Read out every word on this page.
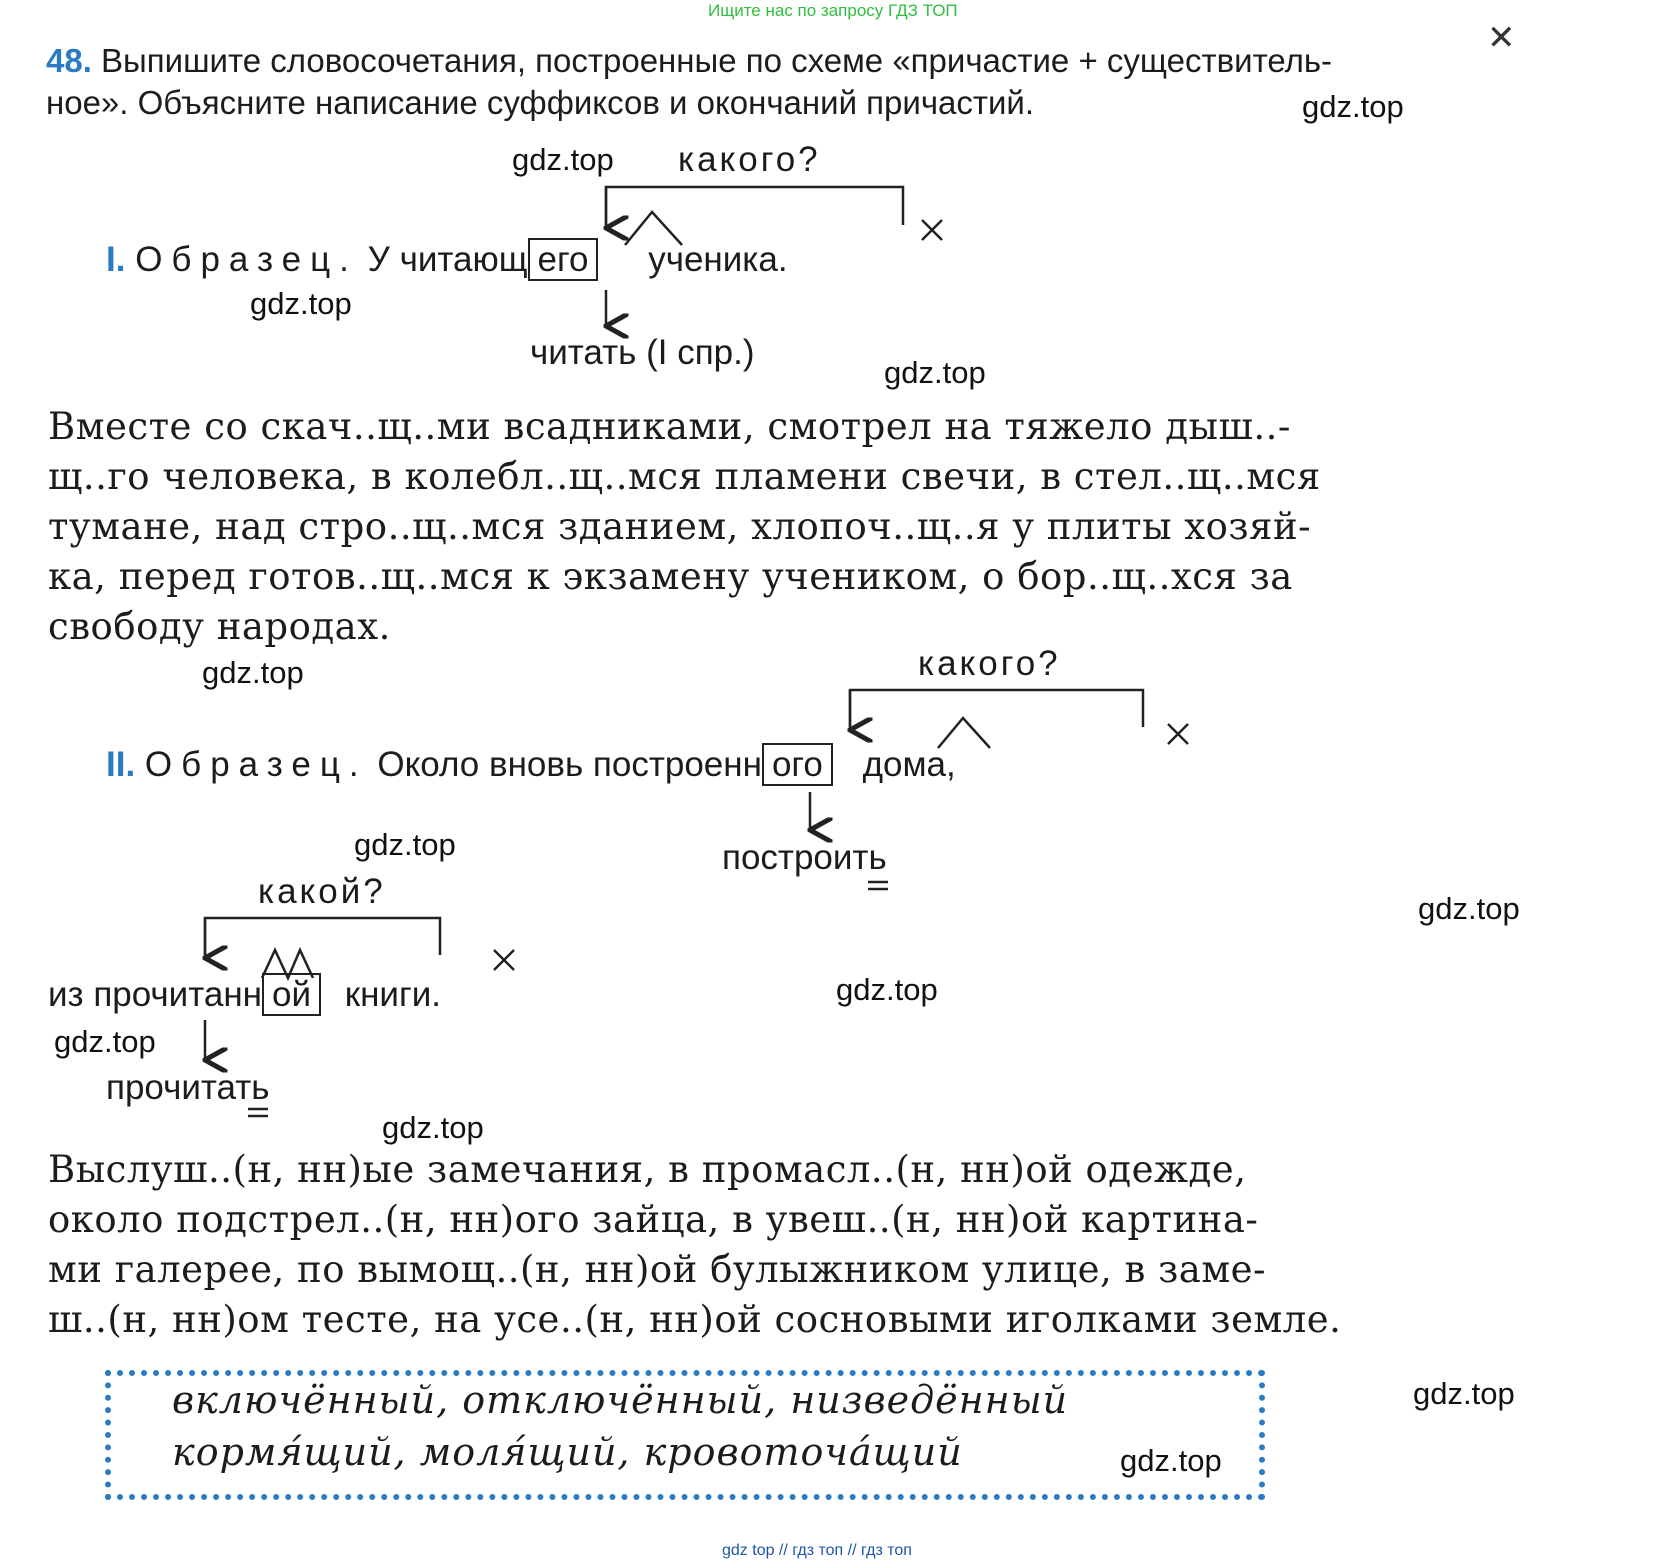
Ищите нас по запросу ГДЗ ТОП
✕
48. Выпишите словосочетания, построенные по схеме «причастие + существитель-
ное». Объясните написание суффиксов и окончаний причастий.
какого?
I. Образец. У читающ его ученика.
читать (I спр.)
Вместе со скач..щ..ми всадниками, смотрел на тяжело дыш..-
щ..го человека, в колебл..щ..мся пламени свечи, в стел..щ..мся
тумане, над стро..щ..мся зданием, хлопоч..щ..я у плиты хозяй-
ка, перед готов..щ..мся к экзамену учеником, о бор..щ..хся за
свободу народах.
какого?
II. Образец. Около вновь построенн ого дома,
построить
какой?
из прочитанн ой книги.
прочитать
Выслуш..(н, нн)ые замечания, в промасл..(н, нн)ой одежде,
около подстрел..(н, нн)ого зайца, в увеш..(н, нн)ой картина-
ми галерее, по вымощ..(н, нн)ой булыжником улице, в заме-
ш..(н, нн)ом тесте, на усе..(н, нн)ой сосновыми иголками земле.
включённый, отключённый, низведённый
кормя́щий, моля́щий, кровоточа́щий
gdz.top
gdz.top
gdz.top
gdz.top
gdz.top
gdz.top
gdz.top
gdz.top
gdz.top
gdz.top
gdz.top
gdz.top
gdz top // гдз топ // гдз топ
